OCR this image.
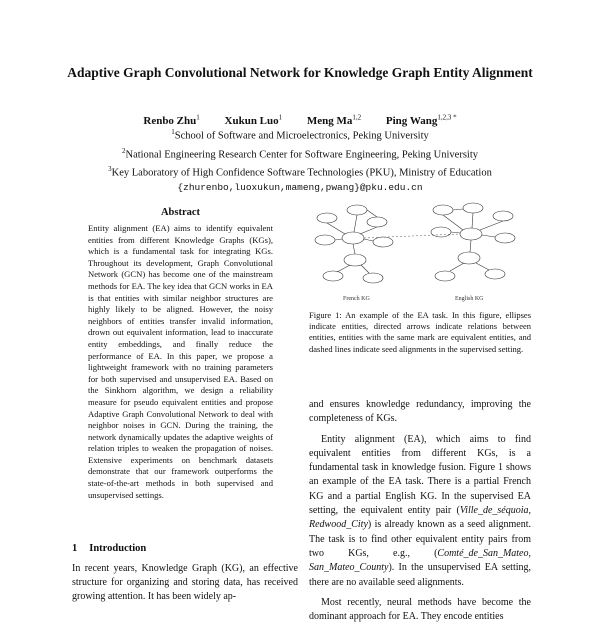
Adaptive Graph Convolutional Network for Knowledge Graph Entity Alignment
Renbo Zhu$^1$ Xukun Luo$^1$ Meng Ma$^{1,2}$ Ping Wang$^{1,2,3 *}$
$^1$School of Software and Microelectronics, Peking University
$^2$National Engineering Research Center for Software Engineering, Peking University
$^3$Key Laboratory of High Confidence Software Technologies (PKU), Ministry of Education
{zhurenbo,luoxukun,mameng,pwang}@pku.edu.cn
Abstract
Entity alignment (EA) aims to identify equivalent entities from different Knowledge Graphs (KGs), which is a fundamental task for integrating KGs. Throughout its development, Graph Convolutional Network (GCN) has become one of the mainstream methods for EA. The key idea that GCN works in EA is that entities with similar neighbor structures are highly likely to be aligned. However, the noisy neighbors of entities transfer invalid information, drown out equivalent information, lead to inaccurate entity embeddings, and finally reduce the performance of EA. In this paper, we propose a lightweight framework with no training parameters for both supervised and unsupervised EA. Based on the Sinkhorn algorithm, we design a reliability measure for pseudo equivalent entities and propose Adaptive Graph Convolutional Network to deal with neighbor noises in GCN. During the training, the network dynamically updates the adaptive weights of relation triples to weaken the propagation of noises. Extensive experiments on benchmark datasets demonstrate that our framework outperforms the state-of-the-art methods in both supervised and unsupervised settings.
1 Introduction
In recent years, Knowledge Graph (KG), an effective structure for organizing and storing data, has received growing attention. It has been widely ap-
French KG	English KG
Figure 1: An example of the EA task. In this figure, ellipses indicate entities, directed arrows indicate relations between entities, entities with the same mark are equivalent entities, and dashed lines indicate seed alignments in the supervised setting.

and ensures knowledge redundancy, improving the completeness of KGs.

Entity alignment (EA), which aims to find equivalent entities from different KGs, is a fundamental task in knowledge fusion. Figure 1 shows an example of the EA task. There is a partial French KG and a partial English KG. In the supervised EA setting, the equivalent entity pair (Ville_de_séquoia, Redwood_City) is already known as a seed alignment. The task is to find other equivalent entity pairs from two KGs, e.g., (Comté_de_San_Mateo, San_Mateo_County). In the unsupervised EA setting, there are no available seed alignments.

Most recently, neural methods have become the dominant approach for EA. They encode entities
